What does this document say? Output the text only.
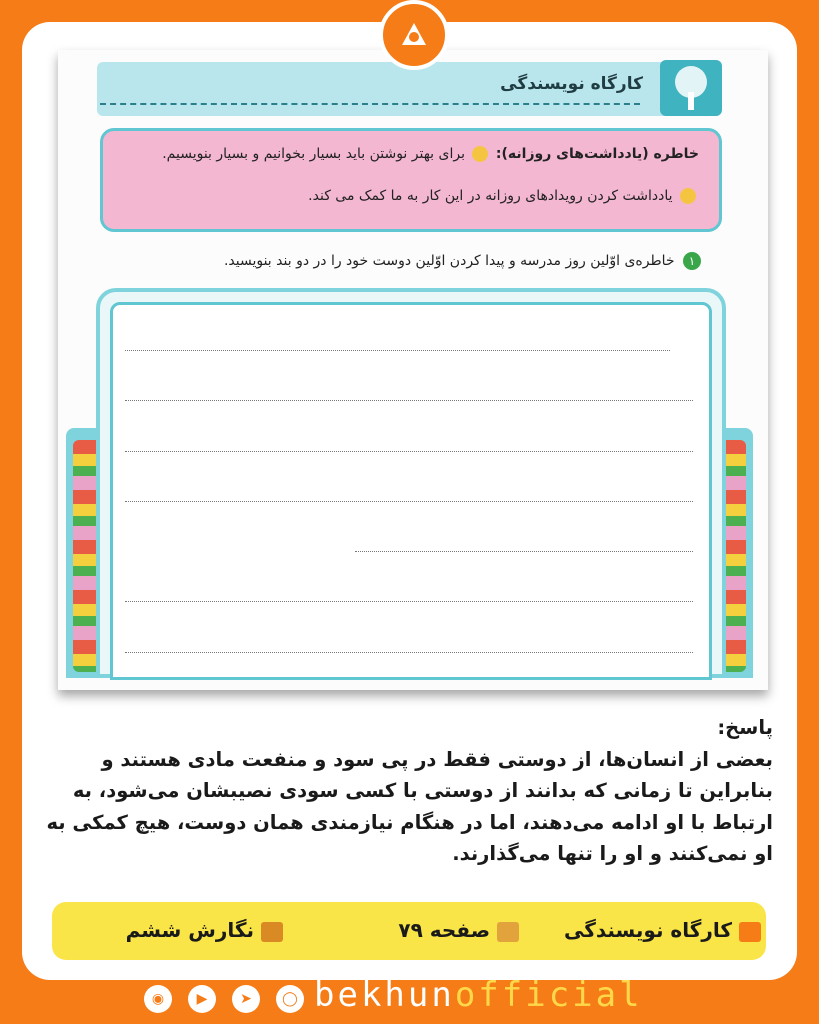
کارگاه نویسندگی
خاطره (یادداشت‌های روزانه):  برای بهتر نوشتن باید بسیار بخوانیم و بسیار بنویسیم.
یادداشت کردن رویدادهای روزانه در این کار به ما کمک می کند.
۱ خاطره‌ی اوّلین روز مدرسه و پیدا کردن اوّلین دوست خود را در دو بند بنویسید.
پاسخ:
بعضی از انسان‌ها، از دوستی فقط در پی سود و منفعت مادی هستند و بنابراین تا زمانی که بدانند از دوستی با کسی سودی نصیبشان می‌شود، به ارتباط با او ادامه می‌دهند، اما در هنگام نیازمندی همان دوست، هیچ کمکی به او نمی‌کنند و او را تنها می‌گذارند.
کارگاه نویسندگی
صفحه ۷۹
نگارش ششم
◉	▶	➤	◯ bekhunofficial
